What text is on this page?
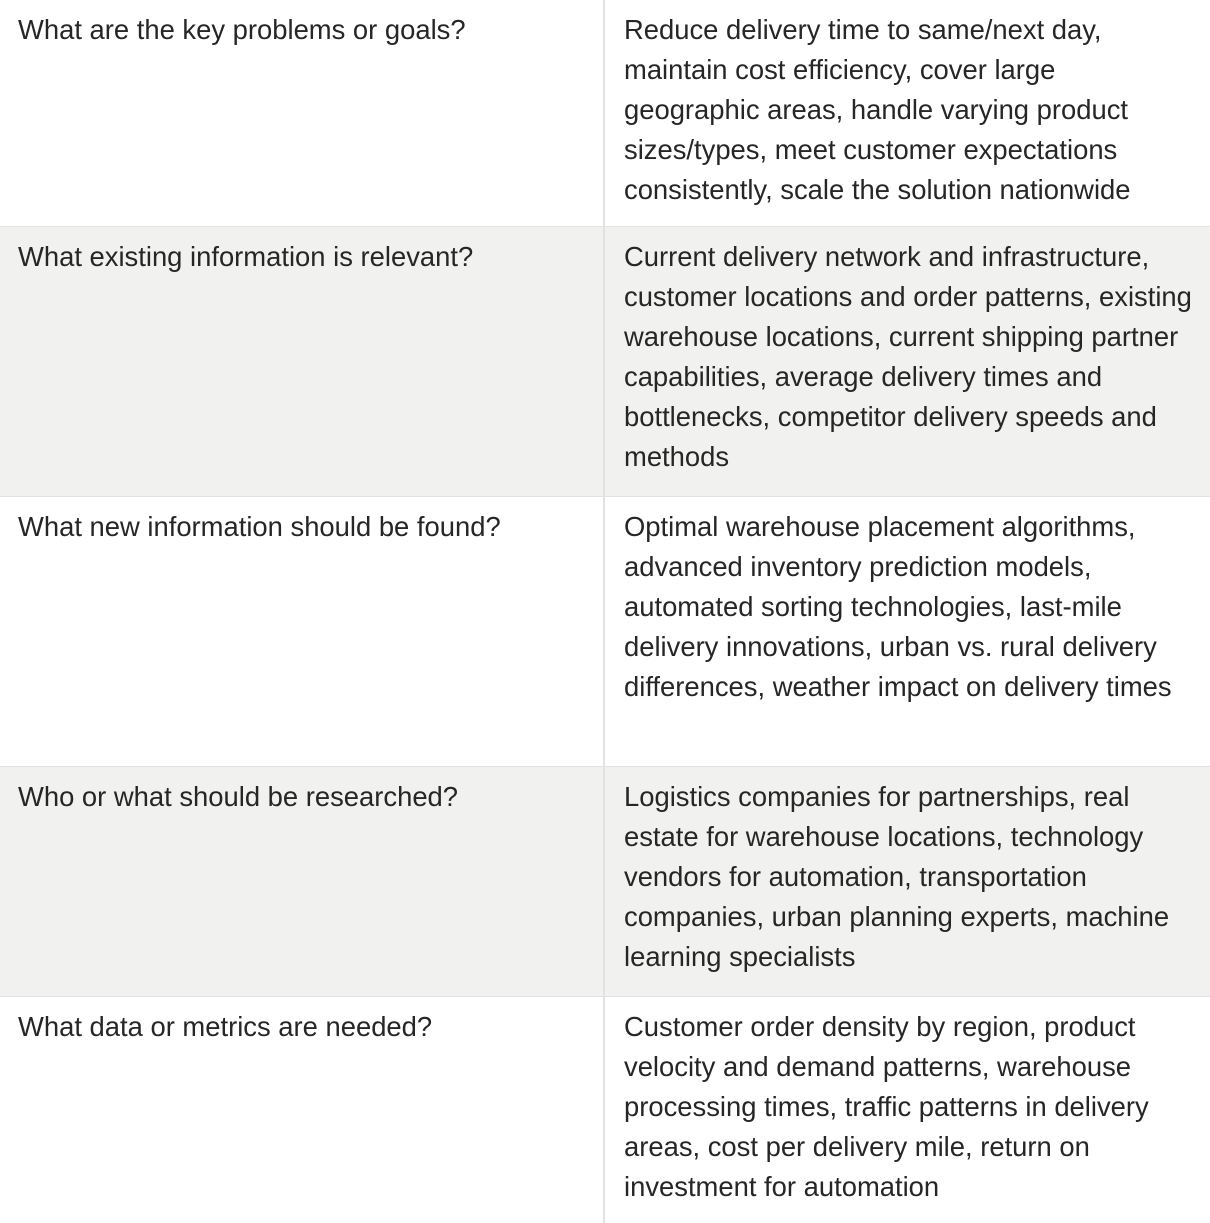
What are the key problems or goals?	Reduce delivery time to same/next day, maintain cost efficiency, cover large geographic areas, handle varying product sizes/types, meet customer expectations consistently, scale the solution nationwide
What existing information is relevant?	Current delivery network and infrastructure, customer locations and order patterns, existing warehouse locations, current shipping partner capabilities, average delivery times and bottlenecks, competitor delivery speeds and methods
What new information should be found?	Optimal warehouse placement algorithms, advanced inventory prediction models, automated sorting technologies, last-mile delivery innovations, urban vs. rural delivery differences, weather impact on delivery times
Who or what should be researched?	Logistics companies for partnerships, real estate for warehouse locations, technology vendors for automation, transportation companies, urban planning experts, machine learning specialists
What data or metrics are needed?	Customer order density by region, product velocity and demand patterns, warehouse processing times, traffic patterns in delivery areas, cost per delivery mile, return on investment for automation
